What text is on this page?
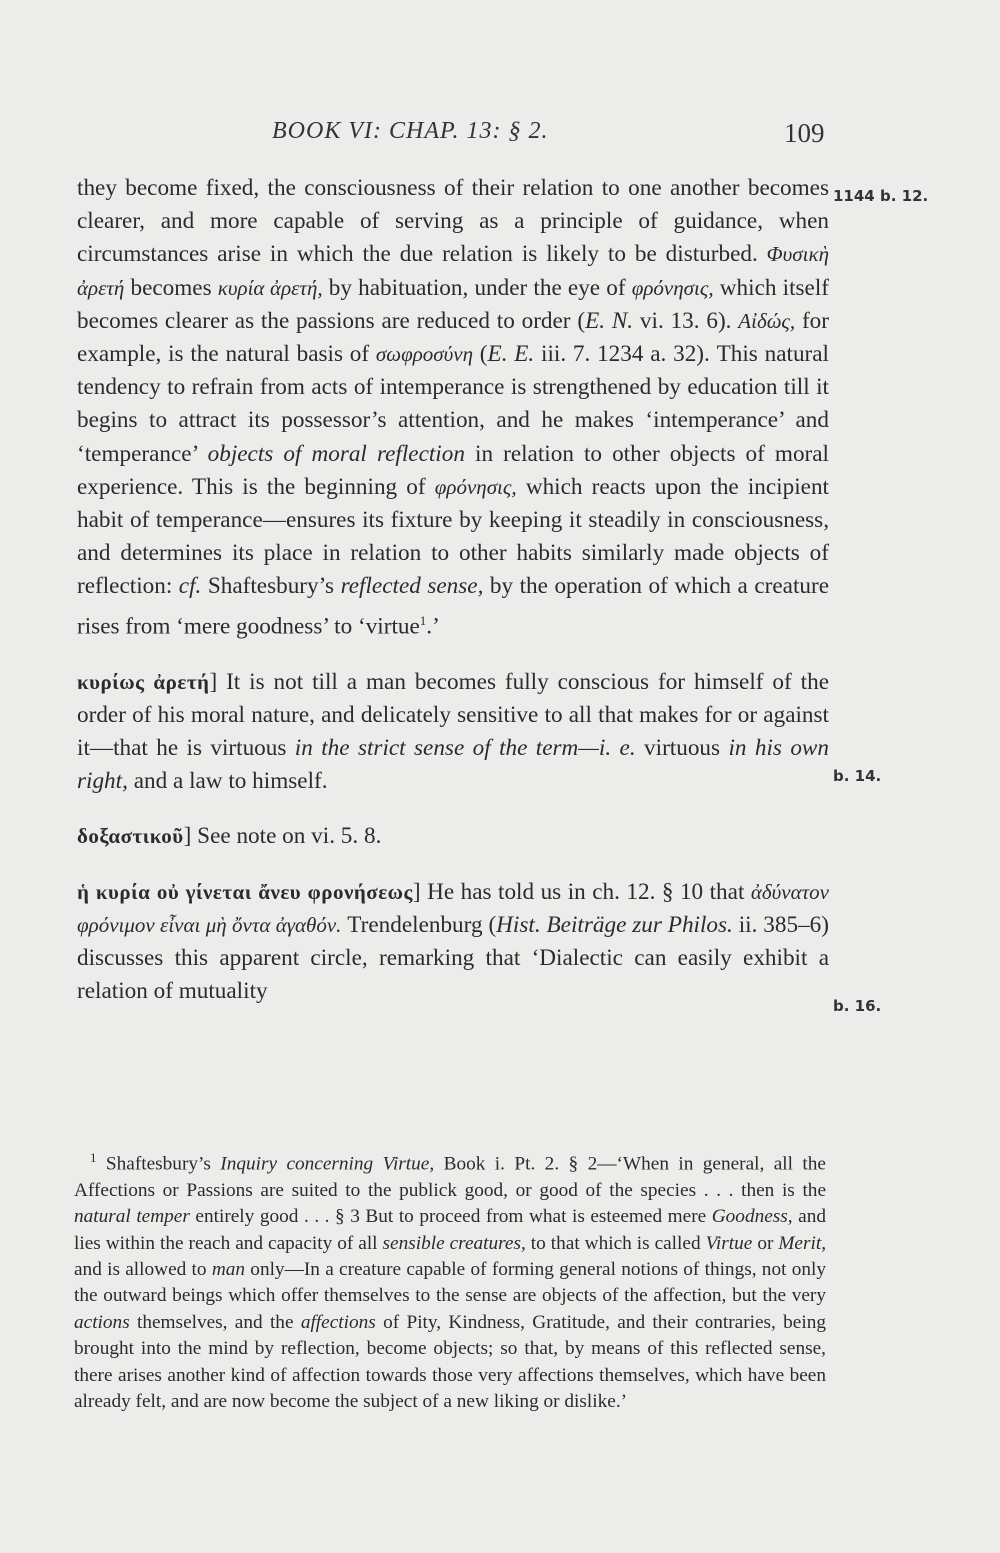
BOOK VI: CHAP. 13: § 2.	109

they become fixed, the consciousness of their relation to one another becomes clearer, and more capable of serving as a principle of guidance, when circumstances arise in which the due relation is likely to be disturbed. Φυσικὴ ἀρετή becomes κυρία ἀρετή, by habituation, under the eye of φρόνησις, which itself becomes clearer as the passions are reduced to order (E. N. vi. 13. 6). Αἰδώς, for example, is the natural basis of σωφροσύνη (E. E. iii. 7. 1234 a. 32). This natural tendency to refrain from acts of intemperance is strengthened by education till it begins to attract its possessor’s attention, and he makes ‘intemperance’ and ‘temperance’ objects of moral reflection in relation to other objects of moral experience. This is the beginning of φρόνησις, which reacts upon the incipient habit of temperance—ensures its fixture by keeping it steadily in consciousness, and determines its place in relation to other habits similarly made objects of reflection: cf. Shaftesbury’s reflected sense, by the operation of which a creature rises from ‘mere goodness’ to ‘virtue$^1$.’

κυρίως ἀρετή] It is not till a man becomes fully conscious for himself of the order of his moral nature, and delicately sensitive to all that makes for or against it—that he is virtuous in the strict sense of the term—i. e. virtuous in his own right, and a law to himself.

δοξαστικοῦ] See note on vi. 5. 8.

ἡ κυρία οὐ γίνεται ἄνευ φρονήσεως] He has told us in ch. 12. § 10 that ἀδύνατον φρόνιμον εἶναι μὴ ὄντα ἀγαθόν. Trendelenburg (Hist. Beiträge zur Philos. ii. 385–6) discusses this apparent circle, remarking that ‘Dialectic can easily exhibit a relation of mutuality

1144 b. 12.
b. 14.
b. 16.

$^1$ Shaftesbury’s Inquiry concerning Virtue, Book i. Pt. 2. § 2—‘When in general, all the Affections or Passions are suited to the publick good, or good of the species . . . then is the natural temper entirely good . . . § 3 But to proceed from what is esteemed mere Goodness, and lies within the reach and capacity of all sensible creatures, to that which is called Virtue or Merit, and is allowed to man only—In a creature capable of forming general notions of things, not only the outward beings which offer themselves to the sense are objects of the affection, but the very actions themselves, and the affections of Pity, Kindness, Gratitude, and their contraries, being brought into the mind by reflection, become objects; so that, by means of this reflected sense, there arises another kind of affection towards those very affections themselves, which have been already felt, and are now become the subject of a new liking or dislike.’
